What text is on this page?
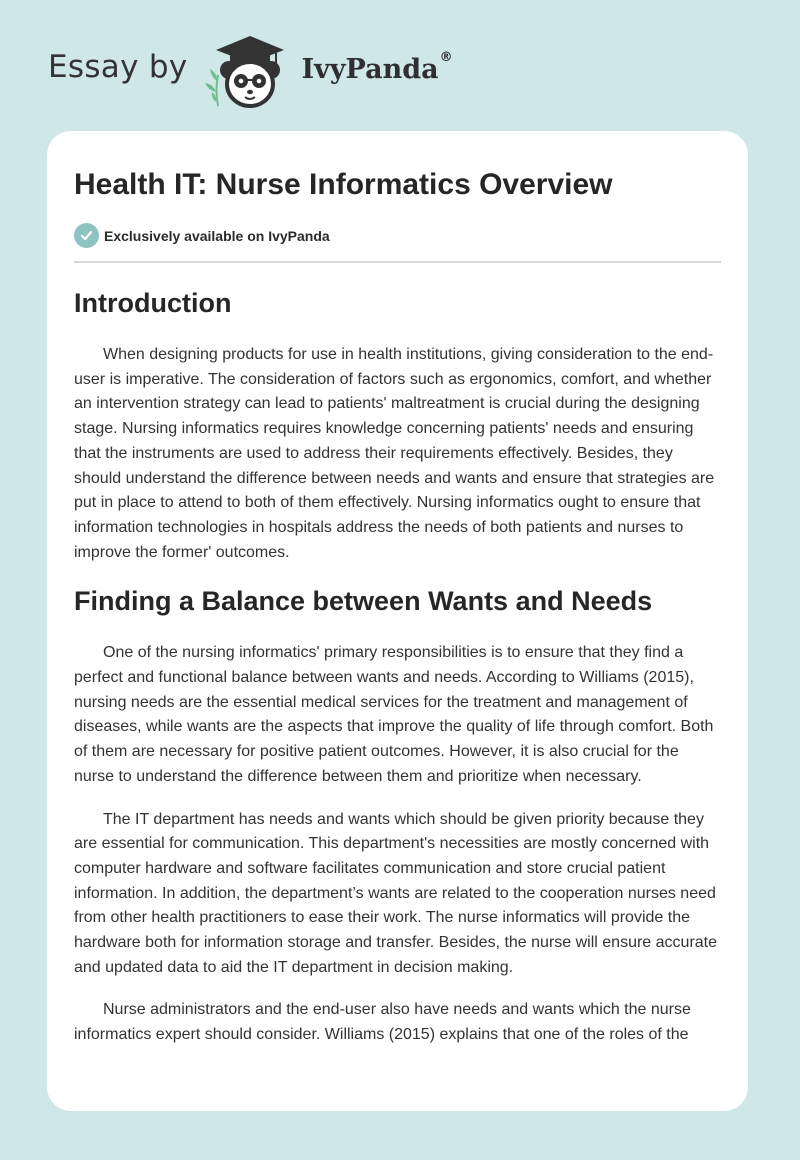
Essay by	IvyPanda®
Health IT: Nurse Informatics Overview
Exclusively available on IvyPanda
Introduction

When designing products for use in health institutions, giving consideration to the end-user is imperative. The consideration of factors such as ergonomics, comfort, and whether an intervention strategy can lead to patients' maltreatment is crucial during the designing stage. Nursing informatics requires knowledge concerning patients' needs and ensuring that the instruments are used to address their requirements effectively. Besides, they should understand the difference between needs and wants and ensure that strategies are put in place to attend to both of them effectively. Nursing informatics ought to ensure that information technologies in hospitals address the needs of both patients and nurses to improve the former' outcomes.

Finding a Balance between Wants and Needs

One of the nursing informatics' primary responsibilities is to ensure that they find a perfect and functional balance between wants and needs. According to Williams (2015), nursing needs are the essential medical services for the treatment and management of diseases, while wants are the aspects that improve the quality of life through comfort. Both of them are necessary for positive patient outcomes. However, it is also crucial for the nurse to understand the difference between them and prioritize when necessary.

The IT department has needs and wants which should be given priority because they are essential for communication. This department's necessities are mostly concerned with computer hardware and software facilitates communication and store crucial patient information. In addition, the department’s wants are related to the cooperation nurses need from other health practitioners to ease their work. The nurse informatics will provide the hardware both for information storage and transfer. Besides, the nurse will ensure accurate and updated data to aid the IT department in decision making.

Nurse administrators and the end-user also have needs and wants which the nurse informatics expert should consider. Williams (2015) explains that one of the roles of the
